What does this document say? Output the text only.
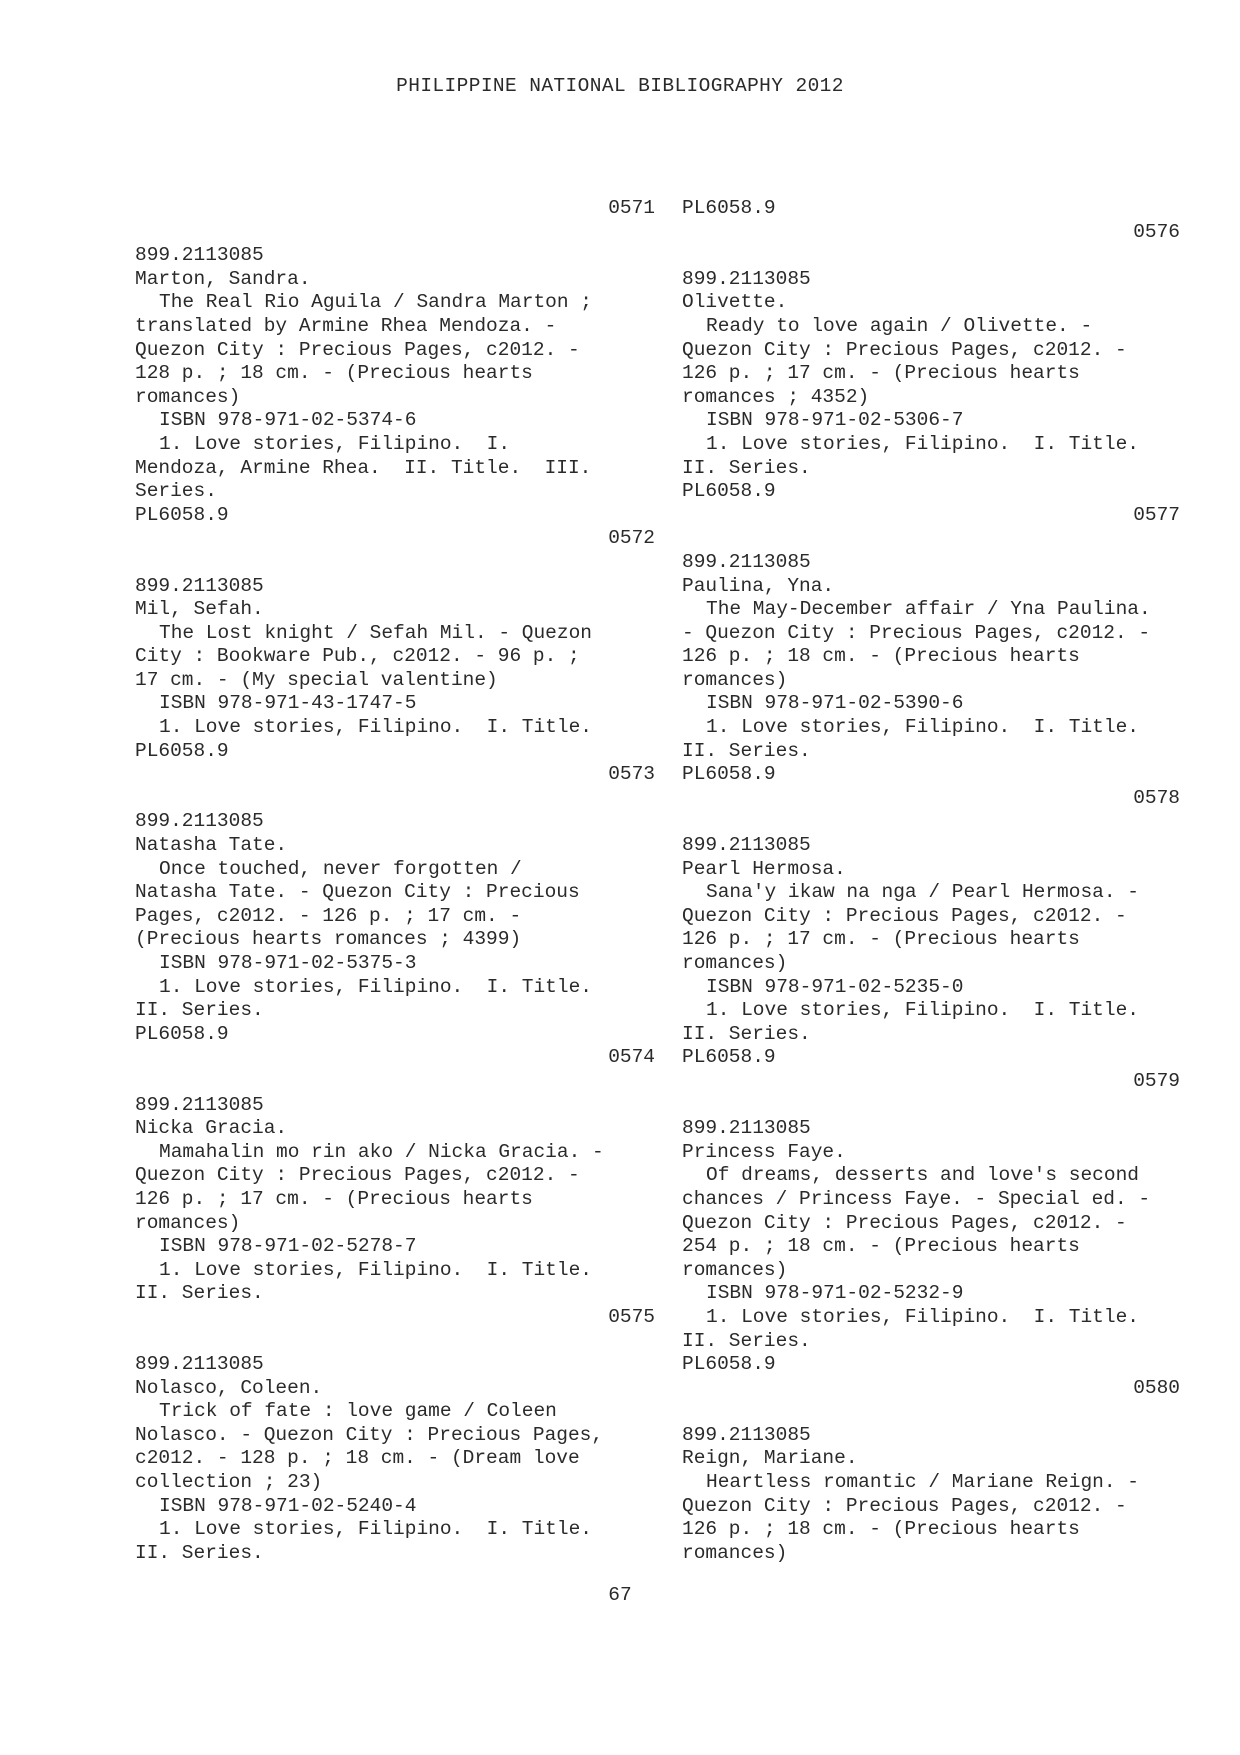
PHILIPPINE NATIONAL BIBLIOGRAPHY 2012
0571
899.2113085
Marton, Sandra.
The Real Rio Aguila / Sandra Marton ;
translated by Armine Rhea Mendoza. -
Quezon City : Precious Pages, c2012. -
128 p. ; 18 cm. - (Precious hearts
romances)
ISBN 978-971-02-5374-6
1. Love stories, Filipino.  I.
Mendoza, Armine Rhea.  II. Title.  III.
Series.
PL6058.9
0572
899.2113085
Mil, Sefah.
The Lost knight / Sefah Mil. - Quezon
City : Bookware Pub., c2012. - 96 p. ;
17 cm. - (My special valentine)
ISBN 978-971-43-1747-5
1. Love stories, Filipino.  I. Title.
PL6058.9
0573
899.2113085
Natasha Tate.
Once touched, never forgotten /
Natasha Tate. - Quezon City : Precious
Pages, c2012. - 126 p. ; 17 cm. -
(Precious hearts romances ; 4399)
ISBN 978-971-02-5375-3
1. Love stories, Filipino.  I. Title.
II. Series.
PL6058.9
0574
899.2113085
Nicka Gracia.
Mamahalin mo rin ako / Nicka Gracia. -
Quezon City : Precious Pages, c2012. -
126 p. ; 17 cm. - (Precious hearts
romances)
ISBN 978-971-02-5278-7
1. Love stories, Filipino.  I. Title.
II. Series.
0575
899.2113085
Nolasco, Coleen.
Trick of fate : love game / Coleen
Nolasco. - Quezon City : Precious Pages,
c2012. - 128 p. ; 18 cm. - (Dream love
collection ; 23)
ISBN 978-971-02-5240-4
1. Love stories, Filipino.  I. Title.
II. Series.
PL6058.9
0576
899.2113085
Olivette.
Ready to love again / Olivette. -
Quezon City : Precious Pages, c2012. -
126 p. ; 17 cm. - (Precious hearts
romances ; 4352)
ISBN 978-971-02-5306-7
1. Love stories, Filipino.  I. Title.
II. Series.
PL6058.9
0577
899.2113085
Paulina, Yna.
The May-December affair / Yna Paulina.
- Quezon City : Precious Pages, c2012. -
126 p. ; 18 cm. - (Precious hearts
romances)
ISBN 978-971-02-5390-6
1. Love stories, Filipino.  I. Title.
II. Series.
PL6058.9
0578
899.2113085
Pearl Hermosa.
Sana'y ikaw na nga / Pearl Hermosa. -
Quezon City : Precious Pages, c2012. -
126 p. ; 17 cm. - (Precious hearts
romances)
ISBN 978-971-02-5235-0
1. Love stories, Filipino.  I. Title.
II. Series.
PL6058.9
0579
899.2113085
Princess Faye.
Of dreams, desserts and love's second
chances / Princess Faye. - Special ed. -
Quezon City : Precious Pages, c2012. -
254 p. ; 18 cm. - (Precious hearts
romances)
ISBN 978-971-02-5232-9
1. Love stories, Filipino.  I. Title.
II. Series.
PL6058.9
0580
899.2113085
Reign, Mariane.
Heartless romantic / Mariane Reign. -
Quezon City : Precious Pages, c2012. -
126 p. ; 18 cm. - (Precious hearts
romances)
67
